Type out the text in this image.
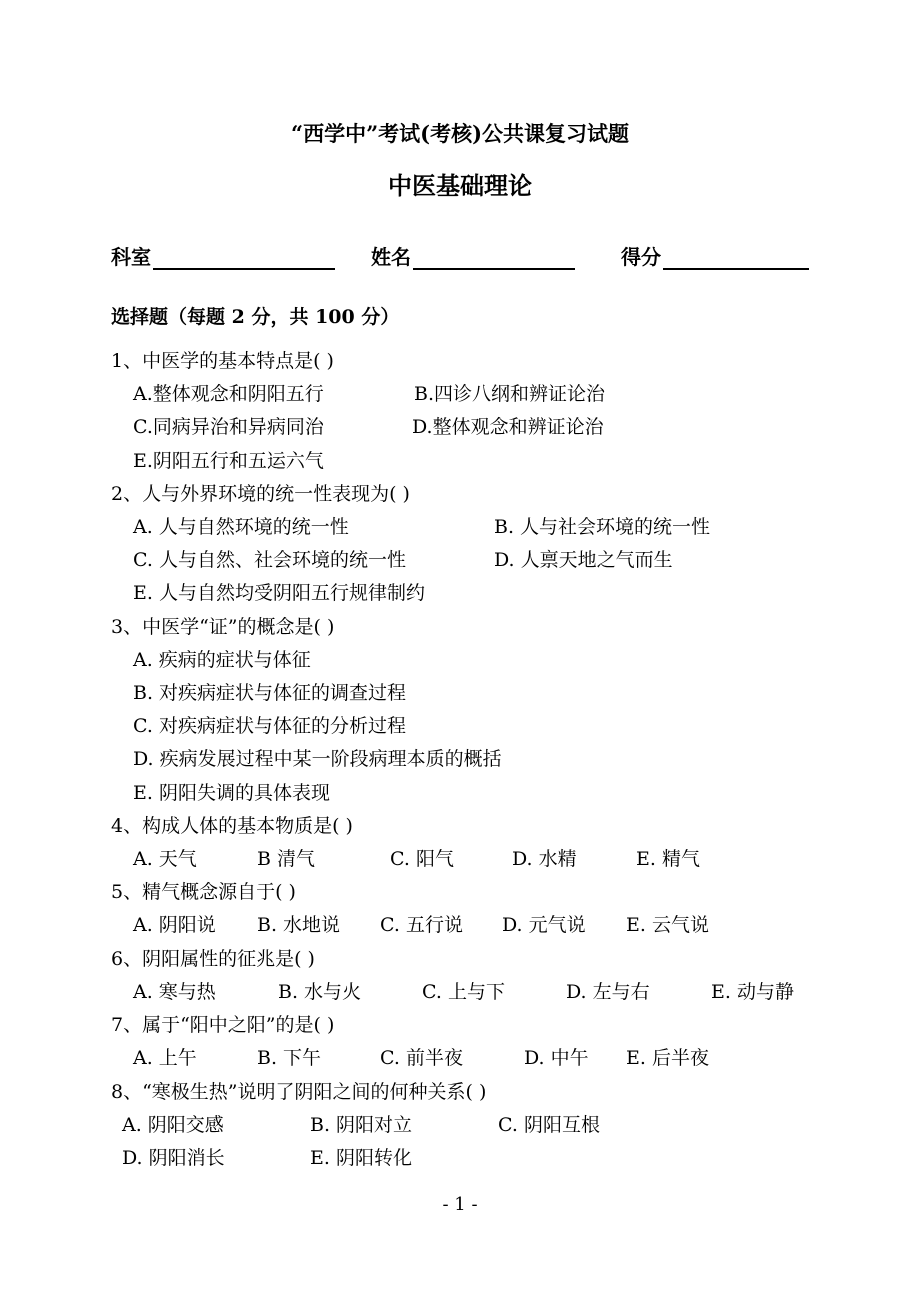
“西学中”考试(考核)公共课复习试题
中医基础理论
科室	姓名	得分
选择题（每题 2 分，共 100 分）
1、中医学的基本特点是( )
A.整体观念和阴阳五行	B.四诊八纲和辨证论治
C.同病异治和异病同治	D.整体观念和辨证论治
E.阴阳五行和五运六气
2、人与外界环境的统一性表现为( )
A. 人与自然环境的统一性	B. 人与社会环境的统一性
C. 人与自然、社会环境的统一性	D. 人禀天地之气而生
E. 人与自然均受阴阳五行规律制约
3、中医学“证”的概念是( )
A. 疾病的症状与体征
B. 对疾病症状与体征的调查过程
C. 对疾病症状与体征的分析过程
D. 疾病发展过程中某一阶段病理本质的概括
E. 阴阳失调的具体表现
4、构成人体的基本物质是( )
A. 天气	B 清气	C. 阳气	D. 水精	E. 精气
5、精气概念源自于( )
A. 阴阳说 B. 水地说 C. 五行说 D. 元气说 E. 云气说
6、阴阳属性的征兆是( )
A. 寒与热	B. 水与火	C. 上与下	D. 左与右	E. 动与静
7、属于“阳中之阳”的是( )
A. 上午	B. 下午	C. 前半夜	D. 中午 E. 后半夜
8、“寒极生热”说明了阴阳之间的何种关系( )
A. 阴阳交感	B. 阴阳对立	C. 阴阳互根
D. 阴阳消长	E. 阴阳转化
- 1 -
